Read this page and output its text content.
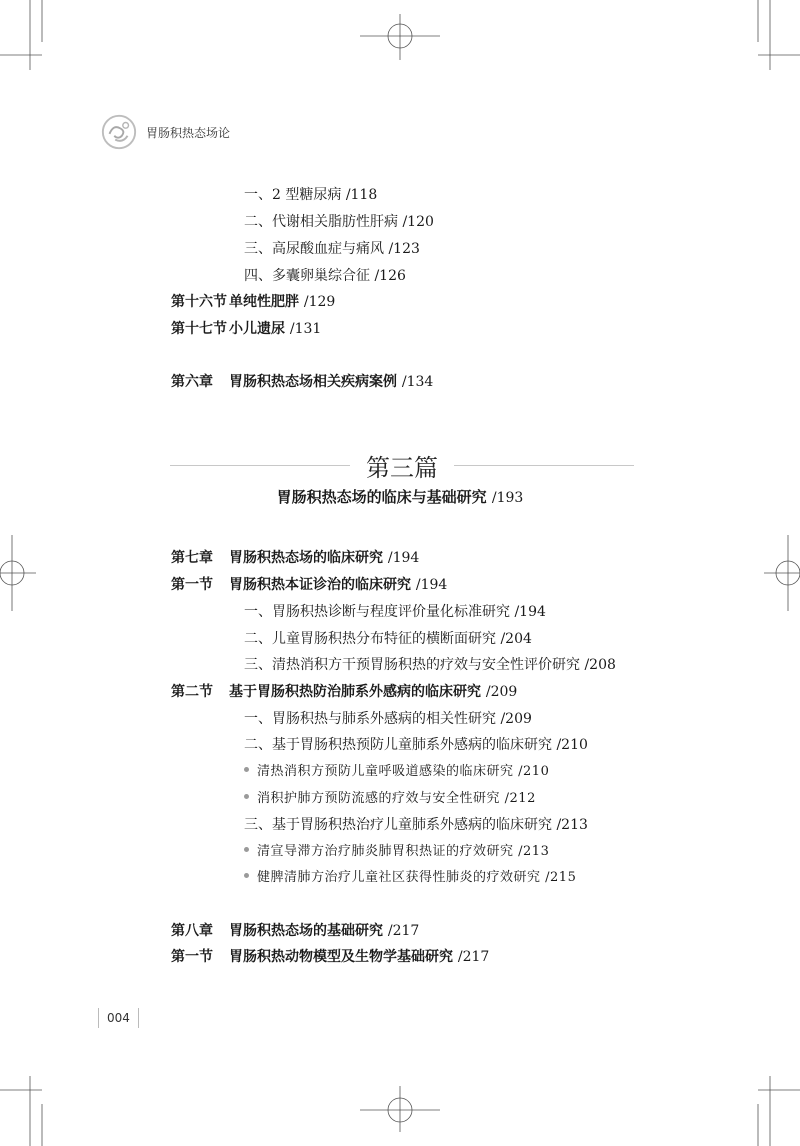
胃肠积热态场论
一、2 型糖尿病 /118
二、代谢相关脂肪性肝病 /120
三、高尿酸血症与痛风 /123
四、多囊卵巢综合征 /126
第十六节 单纯性肥胖 /129
第十七节 小儿遗尿 /131
第六章 胃肠积热态场相关疾病案例 /134
第三篇
胃肠积热态场的临床与基础研究 /193
第七章 胃肠积热态场的临床研究 /194
第一节 胃肠积热本证诊治的临床研究 /194
一、胃肠积热诊断与程度评价量化标准研究 /194
二、儿童胃肠积热分布特征的横断面研究 /204
三、清热消积方干预胃肠积热的疗效与安全性评价研究 /208
第二节 基于胃肠积热防治肺系外感病的临床研究 /209
一、胃肠积热与肺系外感病的相关性研究 /209
二、基于胃肠积热预防儿童肺系外感病的临床研究 /210
清热消积方预防儿童呼吸道感染的临床研究 /210
消积护肺方预防流感的疗效与安全性研究 /212
三、基于胃肠积热治疗儿童肺系外感病的临床研究 /213
清宣导滞方治疗肺炎肺胃积热证的疗效研究 /213
健脾清肺方治疗儿童社区获得性肺炎的疗效研究 /215
第八章 胃肠积热态场的基础研究 /217
第一节 胃肠积热动物模型及生物学基础研究 /217
004
